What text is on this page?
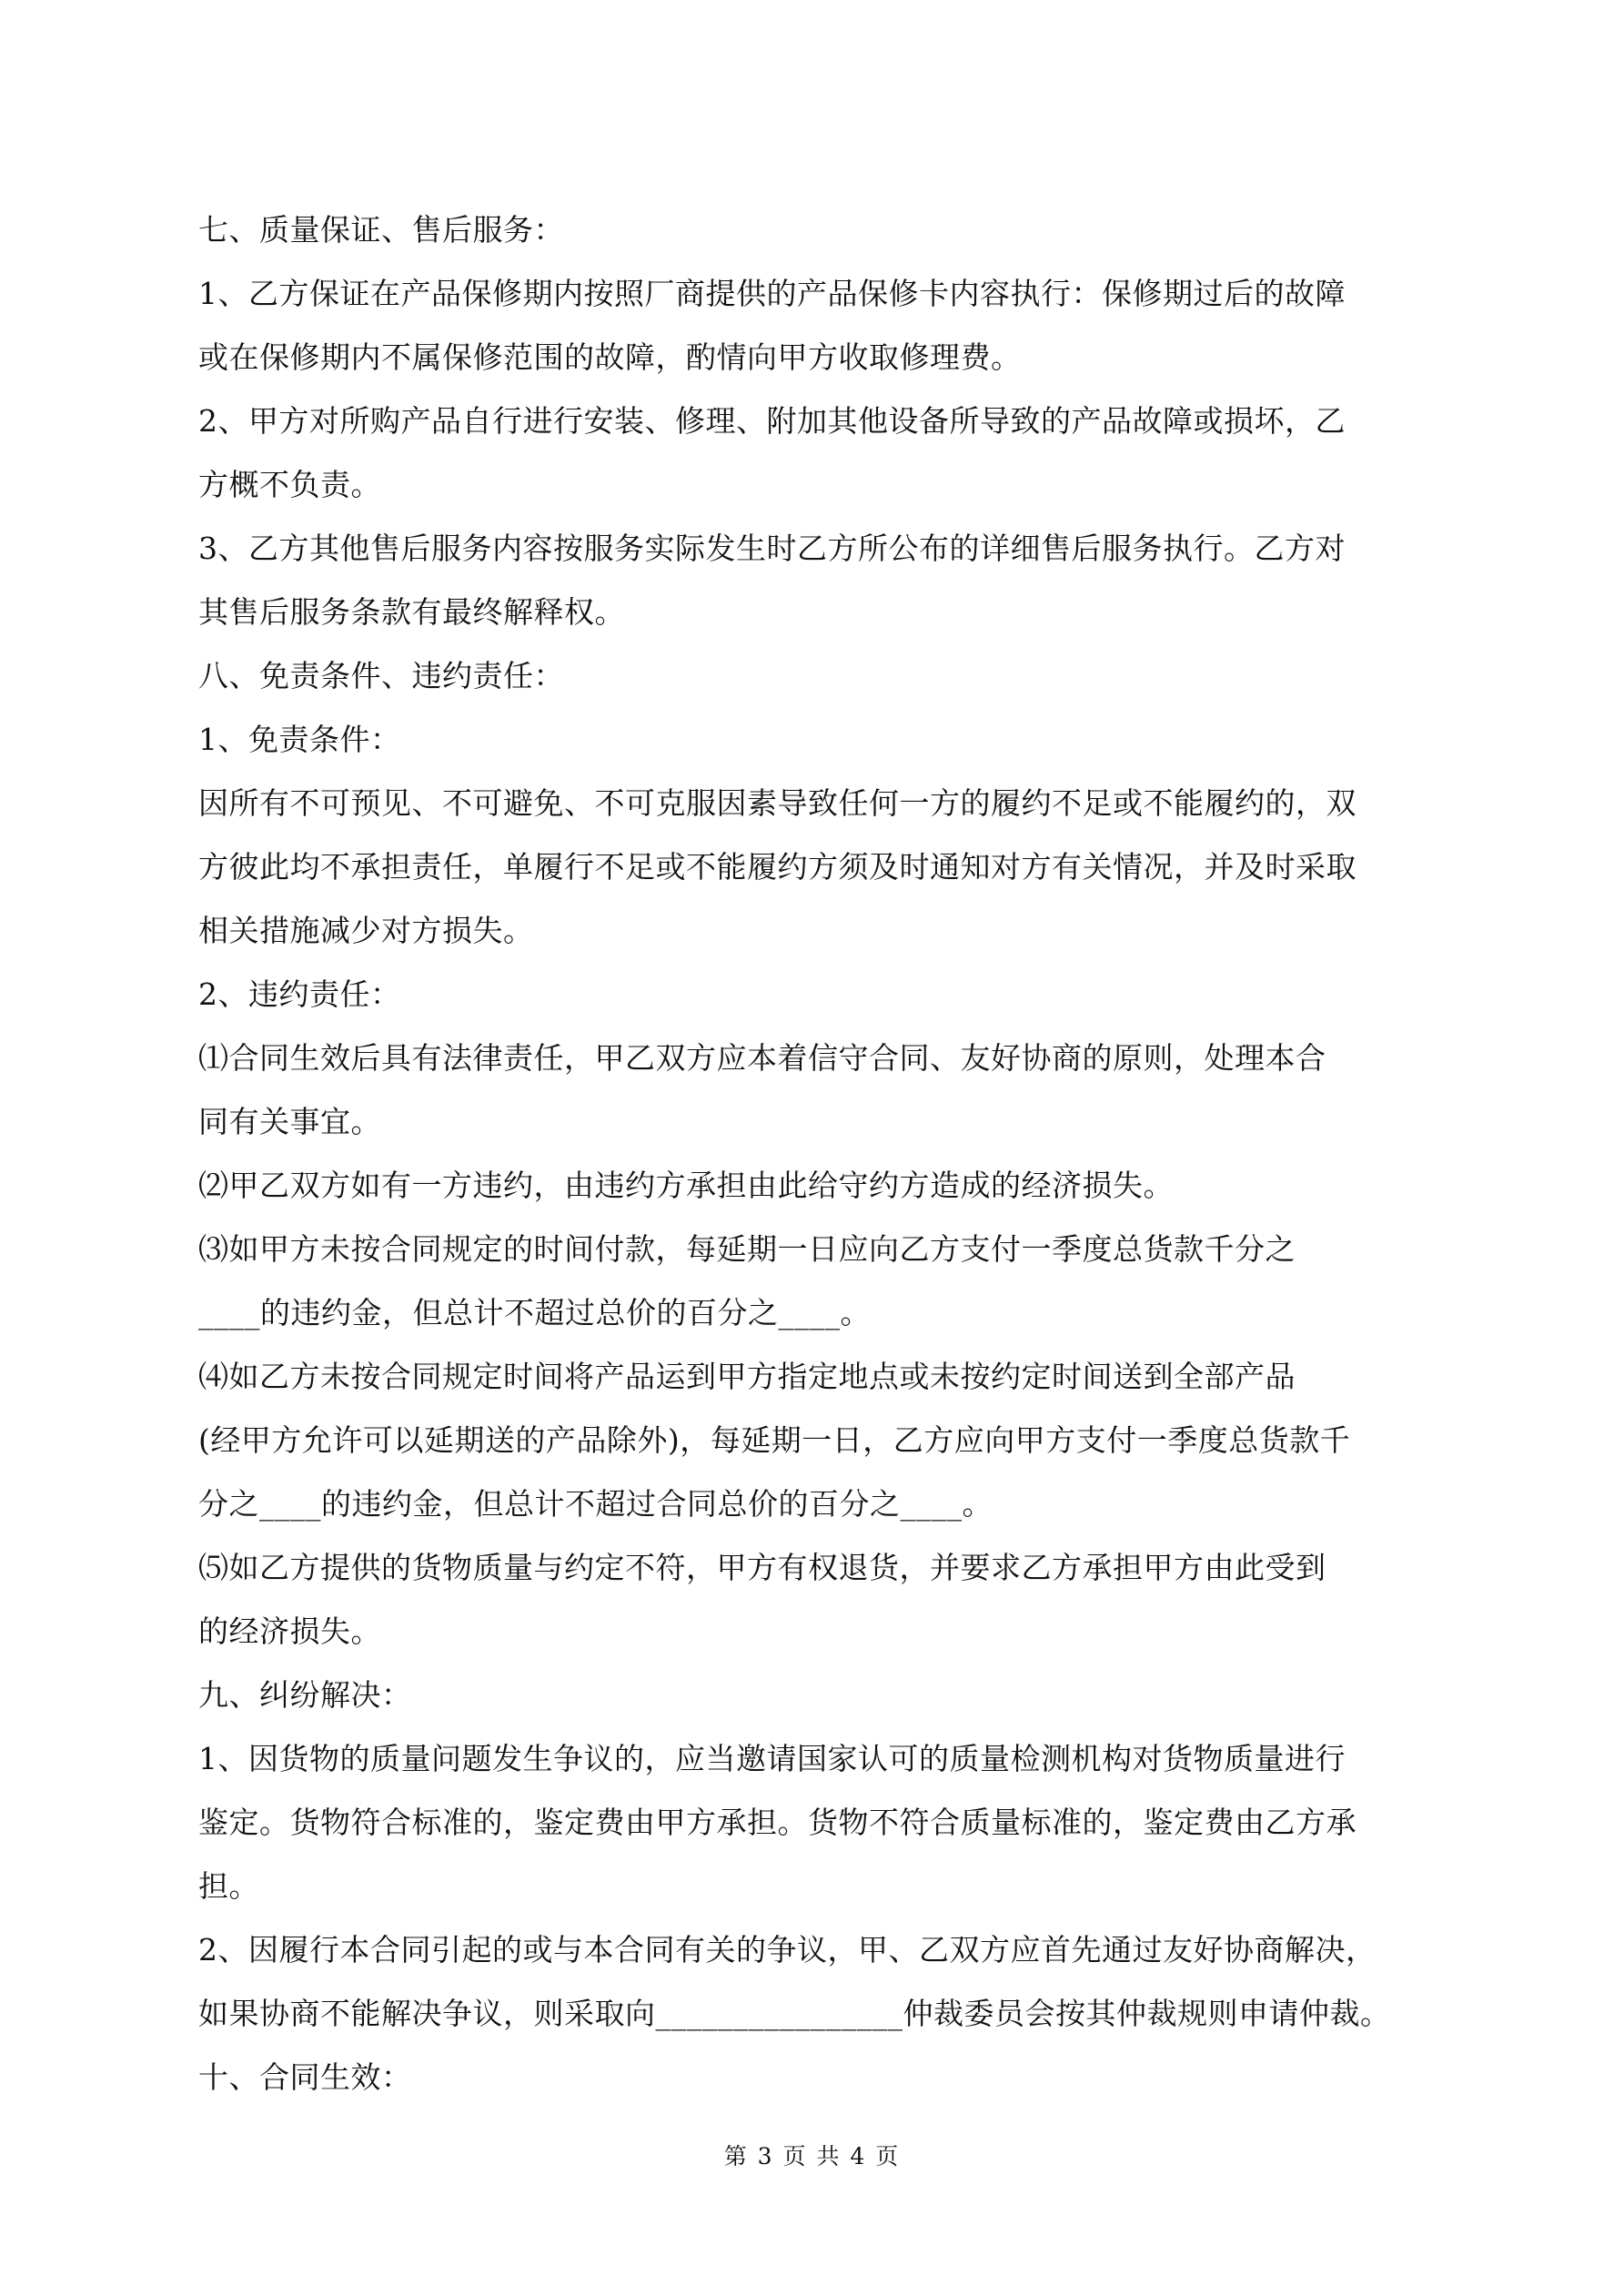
七、质量保证、售后服务：
1、乙方保证在产品保修期内按照厂商提供的产品保修卡内容执行：保修期过后的故障
或在保修期内不属保修范围的故障，酌情向甲方收取修理费。
2、甲方对所购产品自行进行安装、修理、附加其他设备所导致的产品故障或损坏，乙
方概不负责。
3、乙方其他售后服务内容按服务实际发生时乙方所公布的详细售后服务执行。乙方对
其售后服务条款有最终解释权。
八、免责条件、违约责任：
1、免责条件：
因所有不可预见、不可避免、不可克服因素导致任何一方的履约不足或不能履约的，双
方彼此均不承担责任，单履行不足或不能履约方须及时通知对方有关情况，并及时采取
相关措施减少对方损失。
2、违约责任：
⑴合同生效后具有法律责任，甲乙双方应本着信守合同、友好协商的原则，处理本合
同有关事宜。
⑵甲乙双方如有一方违约，由违约方承担由此给守约方造成的经济损失。
⑶如甲方未按合同规定的时间付款，每延期一日应向乙方支付一季度总货款千分之
____的违约金，但总计不超过总价的百分之____。
⑷如乙方未按合同规定时间将产品运到甲方指定地点或未按约定时间送到全部产品
(经甲方允许可以延期送的产品除外)，每延期一日，乙方应向甲方支付一季度总货款千
分之____的违约金，但总计不超过合同总价的百分之____。
⑸如乙方提供的货物质量与约定不符，甲方有权退货，并要求乙方承担甲方由此受到
的经济损失。
九、纠纷解决：
1、因货物的质量问题发生争议的，应当邀请国家认可的质量检测机构对货物质量进行
鉴定。货物符合标准的，鉴定费由甲方承担。货物不符合质量标准的，鉴定费由乙方承
担。
2、因履行本合同引起的或与本合同有关的争议，甲、乙双方应首先通过友好协商解决，
如果协商不能解决争议，则采取向________________仲裁委员会按其仲裁规则申请仲裁。
十、合同生效：
第 3 页 共 4 页
